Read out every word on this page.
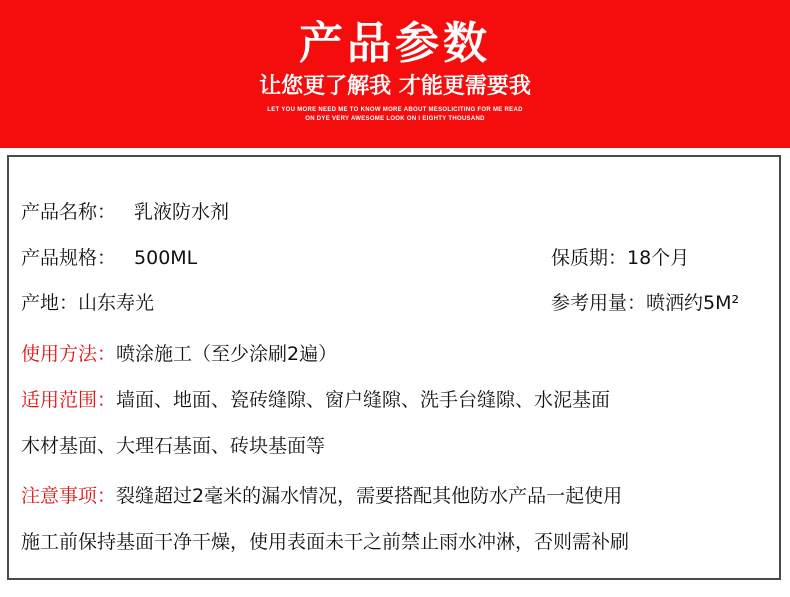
产品参数
让您更了解我 才能更需要我
LET YOU MORE NEED ME TO KNOW MORE ABOUT MESOLICITING FOR ME READ
ON DYE VERY AWESOME LOOK ON I EIGHTY THOUSAND
产品名称： 乳液防水剂
产品规格： 500ML	保质期：18个月
产地：山东寿光	参考用量：喷洒约5M²
使用方法：喷涂施工（至少涂刷2遍）
适用范围：墙面、地面、瓷砖缝隙、窗户缝隙、洗手台缝隙、水泥基面
木材基面、大理石基面、砖块基面等
注意事项：裂缝超过2毫米的漏水情况，需要搭配其他防水产品一起使用
施工前保持基面干净干燥，使用表面未干之前禁止雨水冲淋，否则需补刷
